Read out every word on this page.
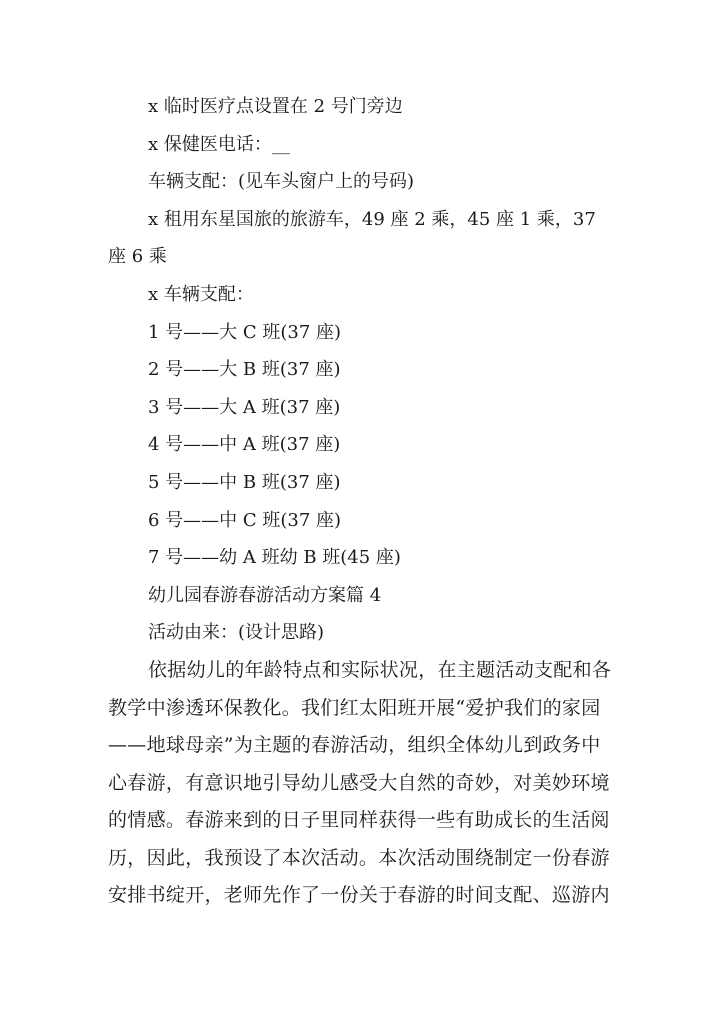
x 临时医疗点设置在 2 号门旁边
x 保健医电话：__
车辆支配：(见车头窗户上的号码)
x 租用东星国旅的旅游车，49 座 2 乘，45 座 1 乘，37
座 6 乘
x 车辆支配：
1 号——大 C 班(37 座)
2 号——大 B 班(37 座)
3 号——大 A 班(37 座)
4 号——中 A 班(37 座)
5 号——中 B 班(37 座)
6 号——中 C 班(37 座)
7 号——幼 A 班幼 B 班(45 座)
幼儿园春游春游活动方案篇 4
活动由来：(设计思路)
依据幼儿的年龄特点和实际状况，在主题活动支配和各
教学中渗透环保教化。我们红太阳班开展“爱护我们的家园
——地球母亲”为主题的春游活动，组织全体幼儿到政务中
心春游，有意识地引导幼儿感受大自然的奇妙，对美妙环境
的情感。春游来到的日子里同样获得一些有助成长的生活阅
历，因此，我预设了本次活动。本次活动围绕制定一份春游
安排书绽开，老师先作了一份关于春游的时间支配、巡游内
